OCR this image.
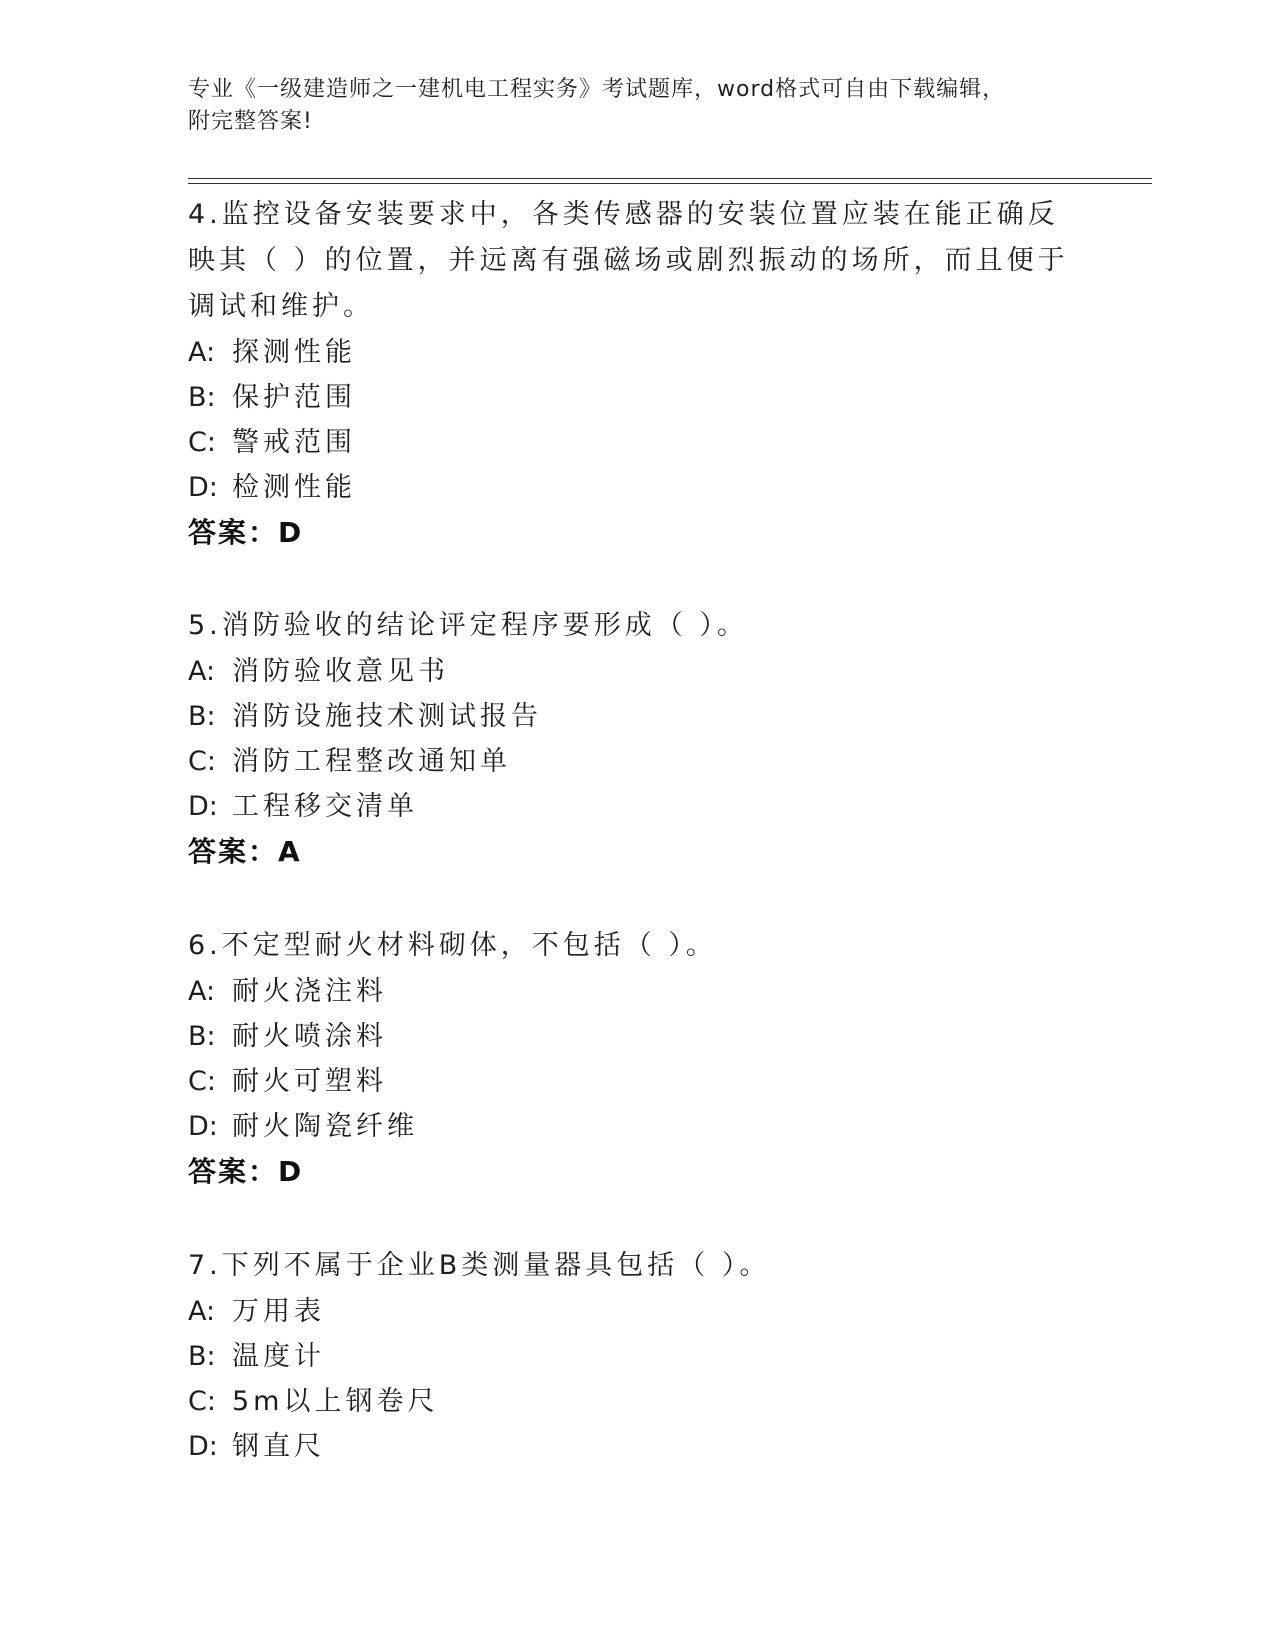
专业《一级建造师之一建机电工程实务》考试题库，word格式可自由下载编辑，
附完整答案!

4.监控设备安装要求中，各类传感器的安装位置应装在能正确反映其（ ）的位置，并远离有强磁场或剧烈振动的场所，而且便于调试和维护。

A: 探测性能

B: 保护范围

C: 警戒范围

D: 检测性能

答案：D

5.消防验收的结论评定程序要形成（ ）。

A: 消防验收意见书

B: 消防设施技术测试报告

C: 消防工程整改通知单

D: 工程移交清单

答案：A

6.不定型耐火材料砌体，不包括（ ）。

A: 耐火浇注料

B: 耐火喷涂料

C: 耐火可塑料

D: 耐火陶瓷纤维

答案：D

7.下列不属于企业B类测量器具包括（ ）。

A: 万用表

B: 温度计

C: 5m以上钢卷尺

D: 钢直尺
